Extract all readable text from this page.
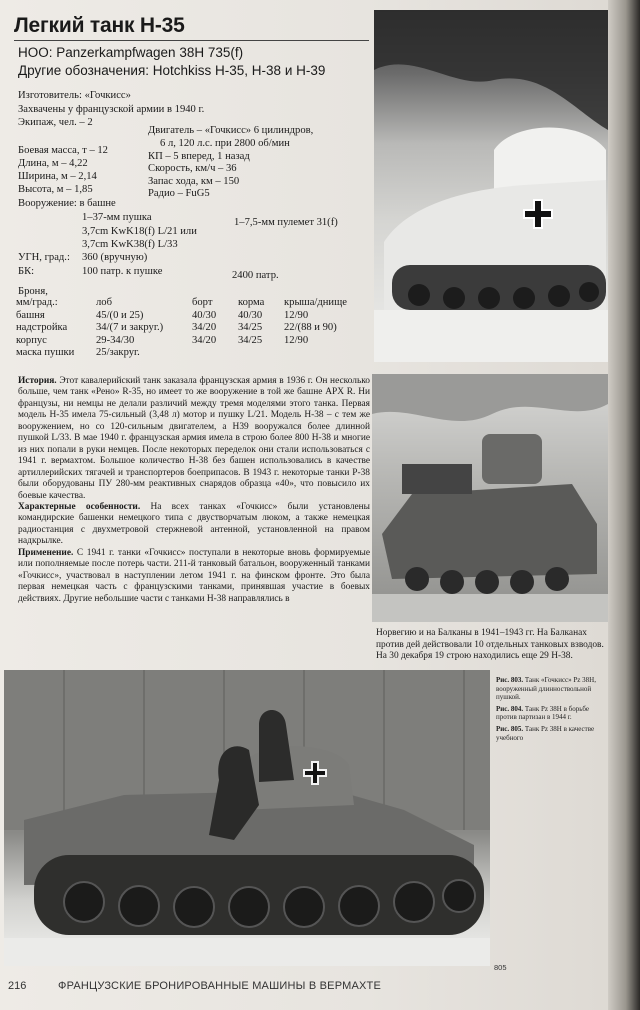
Легкий танк Н-35
НОО: Panzerkampfwagen 38H 735(f)
Другие обозначения: Hotchkiss H-35, Н-38 и Н-39
Изготовитель: «Гочкисс»
Захвачены у французской армии в 1940 г.
Экипаж, чел. – 2
Двигатель – «Гочкисс» 6 цилиндров,
6 л, 120 л.с. при 2800 об/мин
Боевая масса, т – 12
КП – 5 вперед, 1 назад
Длина, м – 4,22	Скорость, км/ч – 36
Ширина, м – 2,14	Запас хода, км – 150
Высота, м – 1,85	Радио – FuG5
Вооружение: в башне
1–37-мм пушка	1–7,5-мм пулемет 31(f)
3,7cm KwK18(f) L/21 или
3,7cm KwK38(f) L/33
УГН, град.: 360 (вручную)
БК:	100 патр. к пушке	2400 патр.
Броня,
мм/град.:	лоб	борт	корма	крыша/днище
башня	45/(0 и 25)	40/30	40/30	12/90
надстройка	34/(7 и закруг.)	34/20	34/25	22/(88 и 90)
корпус	29-34/30	34/20	34/25	12/90
маска пушки	25/закруг.			
История. Этот кавалерийский танк заказала французская армия в 1936 г. Он несколько больше, чем танк «Рено» R-35, но имеет то же вооружение в той же башне APX R. Ни французы, ни немцы не делали различий между тремя моделями этого танка. Первая модель Н-35 имела 75-сильный (3,48 л) мотор и пушку L/21. Модель Н-38 – с тем же вооружением, но со 120-сильным двигателем, а Н39 вооружался более длинной пушкой L/33. В мае 1940 г. французская армия имела в строю более 800 Н-38 и многие из них попали в руки немцев. После некоторых переделок они стали использоваться с 1941 г. вермахтом. Большое количество Н-38 без башен использовались в качестве артиллерийских тягачей и транспортеров боеприпасов. В 1943 г. некоторые танки Р-38 были оборудованы ПУ 280-мм реактивных снарядов образца «40», что повысило их боевые качества.
Характерные особенности. На всех танках «Гочкисс» были установлены командирские башенки немецкого типа с двустворчатым люком, а также немецкая радиостанция с двухметровой стержневой антенной, установленной на правом надкрылке.
Применение. С 1941 г. танки «Гочкисс» поступали в некоторые вновь формируемые или пополняемые после потерь части. 211-й танковый батальон, вооруженный танками «Гочкисс», участвовал в наступлении летом 1941 г. на финском фронте. Это была первая немецкая часть с французскими танками, принявшая участие в боевых действиях. Другие небольшие части с танками Н-38 направлялись в
Норвегию и на Балканы в 1941–1943 гг. На Балканах против дей действовали 10 отдельных танковых взводов. На 30 декабря 19 строю находились еще 29 Н-38.
805
Рис. 803. Танк «Гочкисс» Pz 38H, вооруженный длинноствольной пушкой.
Рис. 804. Танк Pz 38H в борьбе против партизан в 1944 г.
Рис. 805. Танк Pz 38H в качестве учебного
216	ФРАНЦУЗСКИЕ БРОНИРОВАННЫЕ МАШИНЫ В ВЕРМАХТЕ
